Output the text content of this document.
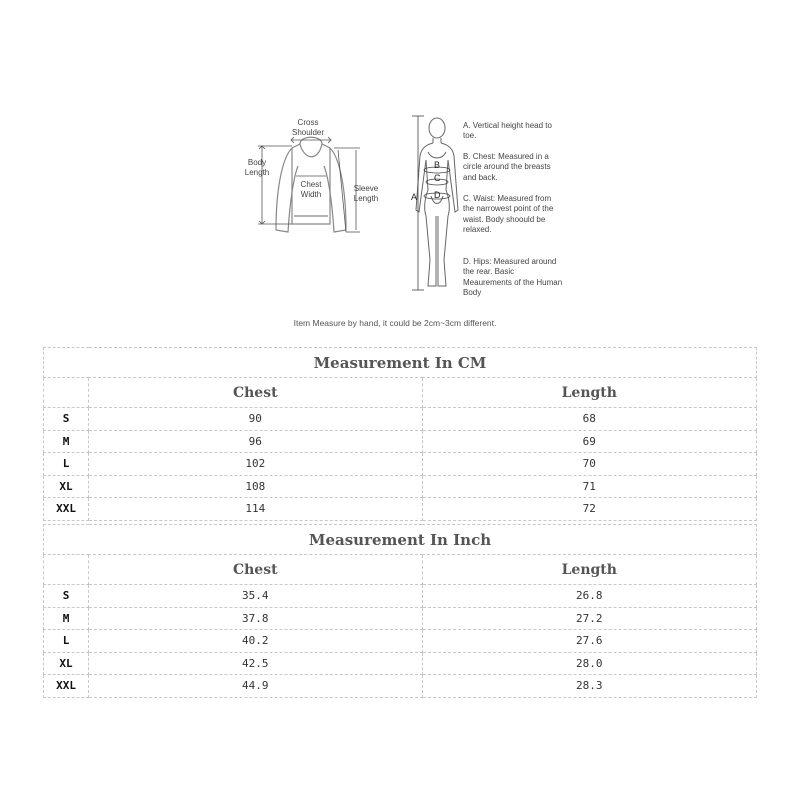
Cross
Shoulder
Body
Length
Chest
Width
Sleeve
Length
B
C
D
A
A. Vertical height head to toe.
B. Chest: Measured in a circle around the breasts and back.
C. Waist: Measured from the narrowest point of the waist. Body shoould be relaxed.
D. Hips: Measured around the rear. Basic Meaurements of the Human Body
Item Measure by hand, it could be 2cm~3cm different.
Measurement In CM		
	Chest	Length
S	90	68
M	96	69
L	102	70
XL	108	71
XXL	114	72
Measurement In Inch		
	Chest	Length
S	35.4	26.8
M	37.8	27.2
L	40.2	27.6
XL	42.5	28.0
XXL	44.9	28.3
